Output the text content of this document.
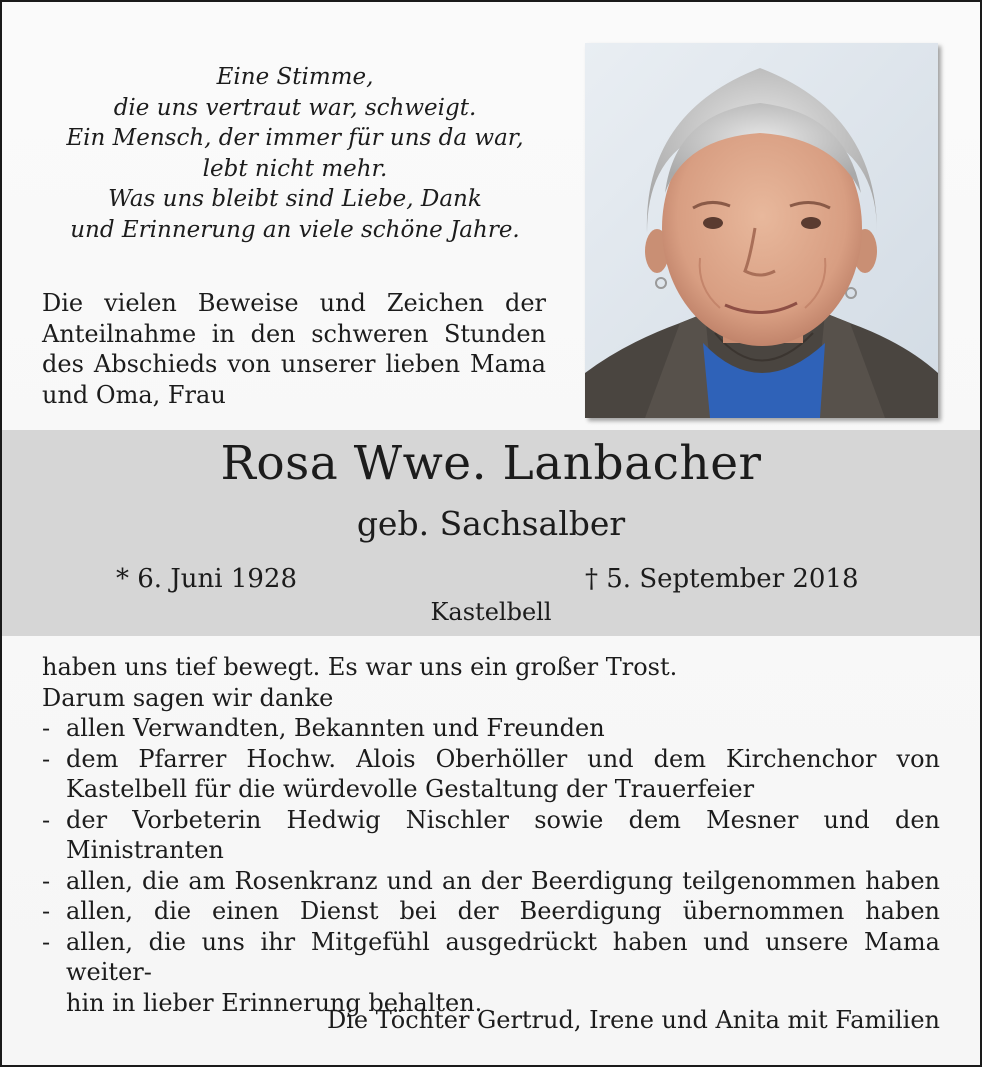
Eine Stimme,
die uns vertraut war, schweigt.
Ein Mensch, der immer für uns da war,
lebt nicht mehr.
Was uns bleibt sind Liebe, Dank
und Erinnerung an viele schöne Jahre.
Die vielen Beweise und Zeichen der
Anteilnahme in den schweren Stunden
des Abschieds von unserer lieben Mama
und Oma, Frau
Rosa Wwe. Lanbacher
geb. Sachsalber
* 6. Juni 1928	† 5. September 2018
Kastelbell
haben uns tief bewegt. Es war uns ein großer Trost.
Darum sagen wir danke
- allen Verwandten, Bekannten und Freunden
- dem Pfarrer Hochw. Alois Oberhöller und dem Kirchenchor von
Kastelbell für die würdevolle Gestaltung der Trauerfeier
- der Vorbeterin Hedwig Nischler sowie dem Mesner und den Ministranten
- allen, die am Rosenkranz und an der Beerdigung teilgenommen haben
- allen, die einen Dienst bei der Beerdigung übernommen haben
- allen, die uns ihr Mitgefühl ausgedrückt haben und unsere Mama weiter-
hin in lieber Erinnerung behalten.
Die Töchter Gertrud, Irene und Anita mit Familien
